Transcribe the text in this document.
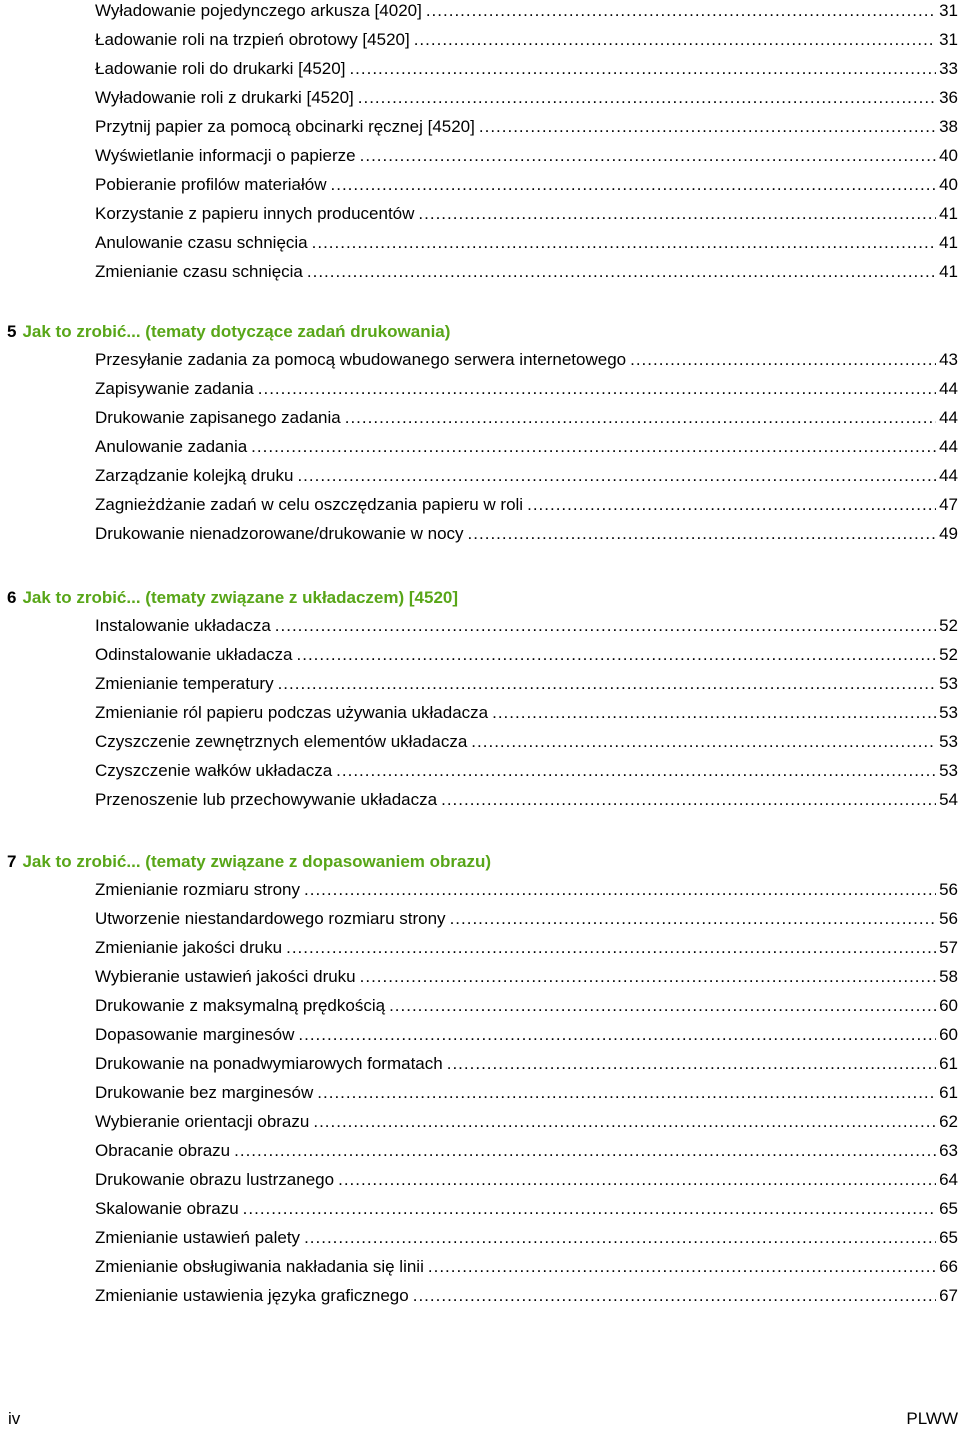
Wyładowanie pojedynczego arkusza [4020] .....	31
Ładowanie roli na trzpień obrotowy [4520] .....	31
Ładowanie roli do drukarki [4520] .....	33
Wyładowanie roli z drukarki [4520] .....	36
Przytnij papier za pomocą obcinarki ręcznej [4520] .....	38
Wyświetlanie informacji o papierze .....	40
Pobieranie profilów materiałów .....	40
Korzystanie z papieru innych producentów .....	41
Anulowanie czasu schnięcia .....	41
Zmienianie czasu schnięcia .....	41
5 Jak to zrobić... (tematy dotyczące zadań drukowania)
Przesyłanie zadania za pomocą wbudowanego serwera internetowego .....	43
Zapisywanie zadania .....	44
Drukowanie zapisanego zadania .....	44
Anulowanie zadania .....	44
Zarządzanie kolejką druku .....	44
Zagnieżdżanie zadań w celu oszczędzania papieru w roli .....	47
Drukowanie nienadzorowane/drukowanie w nocy .....	49
6 Jak to zrobić... (tematy związane z układaczem) [4520]
Instalowanie układacza .....	52
Odinstalowanie układacza .....	52
Zmienianie temperatury .....	53
Zmienianie ról papieru podczas używania układacza .....	53
Czyszczenie zewnętrznych elementów układacza .....	53
Czyszczenie wałków układacza .....	53
Przenoszenie lub przechowywanie układacza .....	54
7 Jak to zrobić... (tematy związane z dopasowaniem obrazu)
Zmienianie rozmiaru strony .....	56
Utworzenie niestandardowego rozmiaru strony .....	56
Zmienianie jakości druku .....	57
Wybieranie ustawień jakości druku .....	58
Drukowanie z maksymalną prędkością .....	60
Dopasowanie marginesów .....	60
Drukowanie na ponadwymiarowych formatach .....	61
Drukowanie bez marginesów .....	61
Wybieranie orientacji obrazu .....	62
Obracanie obrazu .....	63
Drukowanie obrazu lustrzanego .....	64
Skalowanie obrazu .....	65
Zmienianie ustawień palety .....	65
Zmienianie obsługiwania nakładania się linii .....	66
Zmienianie ustawienia języka graficznego .....	67
iv	PLWW
